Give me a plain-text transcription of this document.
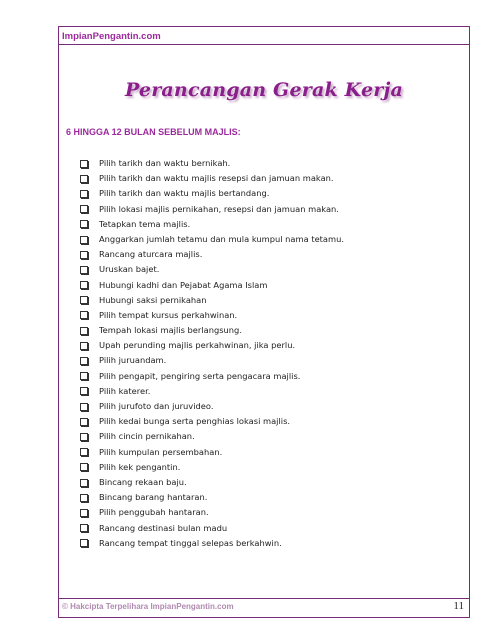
ImpianPengantin.com
Perancangan Gerak Kerja
6 HINGGA 12 BULAN SEBELUM MAJLIS:
Pilih tarikh dan waktu bernikah.
Pilih tarikh dan waktu majlis resepsi dan jamuan makan.
Pilih tarikh dan waktu majlis bertandang.
Pilih lokasi majlis pernikahan, resepsi dan jamuan makan.
Tetapkan tema majlis.
Anggarkan jumlah tetamu dan mula kumpul nama tetamu.
Rancang aturcara majlis.
Uruskan bajet.
Hubungi kadhi dan Pejabat Agama Islam
Hubungi saksi pernikahan
Pilih tempat kursus perkahwinan.
Tempah lokasi majlis berlangsung.
Upah perunding majlis perkahwinan, jika perlu.
Pilih juruandam.
Pilih pengapit, pengiring serta pengacara majlis.
Pilih katerer.
Pilih jurufoto dan juruvideo.
Pilih kedai bunga serta penghias lokasi majlis.
Pilih cincin pernikahan.
Pilih kumpulan persembahan.
Pilih kek pengantin.
Bincang rekaan baju.
Bincang barang hantaran.
Pilih penggubah hantaran.
Rancang destinasi bulan madu
Rancang tempat tinggal selepas berkahwin.
© Hakcipta Terpelihara ImpianPengantin.com	11
